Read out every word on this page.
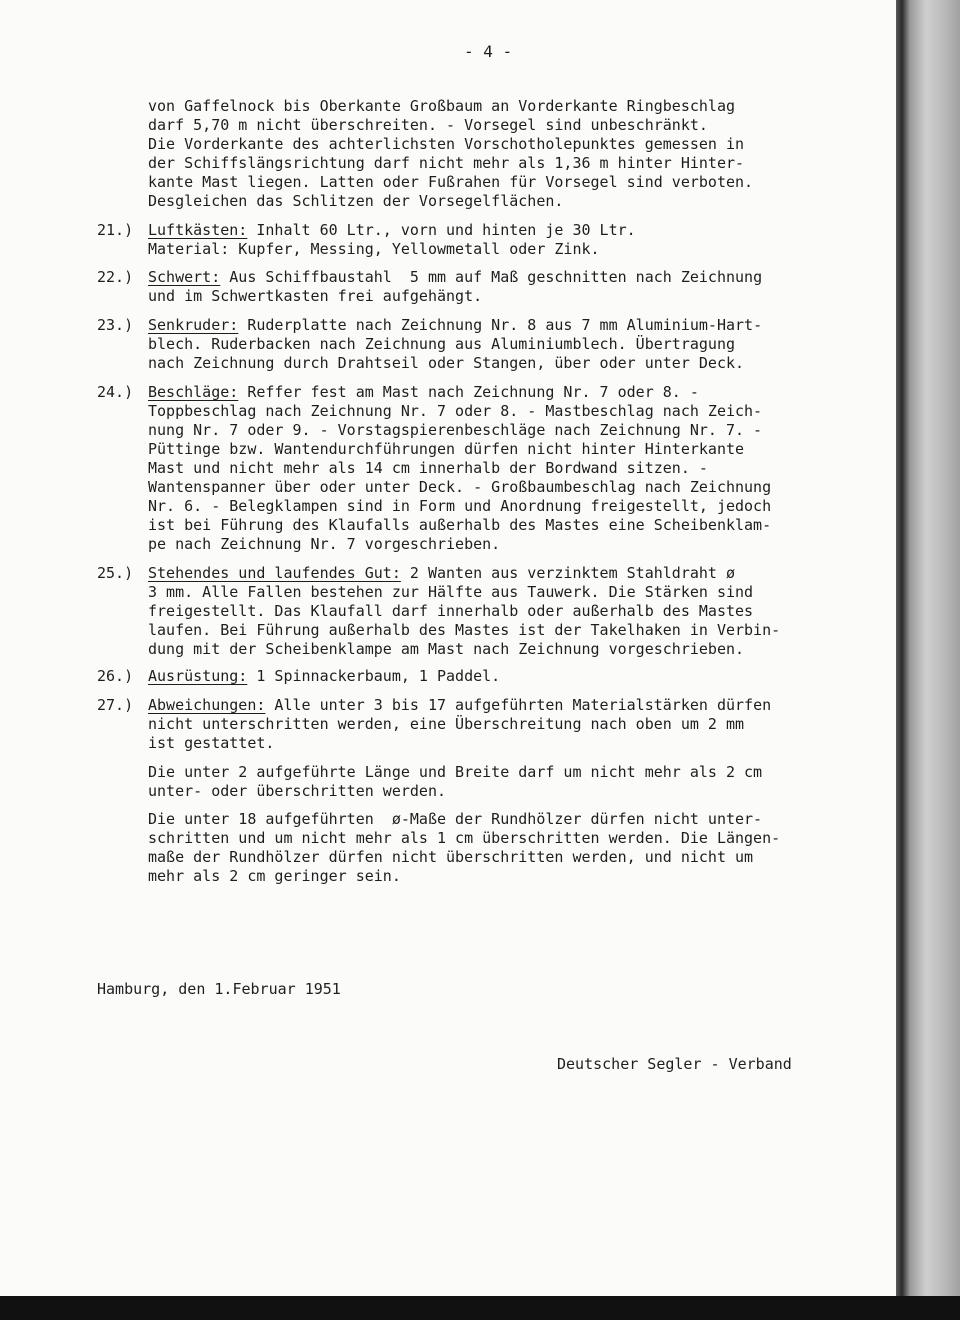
- 4 -
von Gaffelnock bis Oberkante Großbaum an Vorderkante Ringbeschlag
darf 5,70 m nicht überschreiten. - Vorsegel sind unbeschränkt.
Die Vorderkante des achterlichsten Vorschotholepunktes gemessen in
der Schiffslängsrichtung darf nicht mehr als 1,36 m hinter Hinter-
kante Mast liegen. Latten oder Fußrahen für Vorsegel sind verboten.
Desgleichen das Schlitzen der Vorsegelflächen.
21.) Luftkästen: Inhalt 60 Ltr., vorn und hinten je 30 Ltr.
Material: Kupfer, Messing, Yellowmetall oder Zink.
22.) Schwert: Aus Schiffbaustahl  5 mm auf Maß geschnitten nach Zeichnung
und im Schwertkasten frei aufgehängt.
23.) Senkruder: Ruderplatte nach Zeichnung Nr. 8 aus 7 mm Aluminium-Hart-
blech. Ruderbacken nach Zeichnung aus Aluminiumblech. Übertragung
nach Zeichnung durch Drahtseil oder Stangen, über oder unter Deck.
24.) Beschläge: Reffer fest am Mast nach Zeichnung Nr. 7 oder 8. -
Toppbeschlag nach Zeichnung Nr. 7 oder 8. - Mastbeschlag nach Zeich-
nung Nr. 7 oder 9. - Vorstagspierenbeschläge nach Zeichnung Nr. 7. -
Püttinge bzw. Wantendurchführungen dürfen nicht hinter Hinterkante
Mast und nicht mehr als 14 cm innerhalb der Bordwand sitzen. -
Wantenspanner über oder unter Deck. - Großbaumbeschlag nach Zeichnung
Nr. 6. - Belegklampen sind in Form und Anordnung freigestellt, jedoch
ist bei Führung des Klaufalls außerhalb des Mastes eine Scheibenklam-
pe nach Zeichnung Nr. 7 vorgeschrieben.
25.) Stehendes und laufendes Gut: 2 Wanten aus verzinktem Stahldraht ø
3 mm. Alle Fallen bestehen zur Hälfte aus Tauwerk. Die Stärken sind
freigestellt. Das Klaufall darf innerhalb oder außerhalb des Mastes
laufen. Bei Führung außerhalb des Mastes ist der Takelhaken in Verbin-
dung mit der Scheibenklampe am Mast nach Zeichnung vorgeschrieben.
26.) Ausrüstung: 1 Spinnackerbaum, 1 Paddel.
27.) Abweichungen: Alle unter 3 bis 17 aufgeführten Materialstärken dürfen
nicht unterschritten werden, eine Überschreitung nach oben um 2 mm
ist gestattet.
Die unter 2 aufgeführte Länge und Breite darf um nicht mehr als 2 cm
unter- oder überschritten werden.
Die unter 18 aufgeführten  ø-Maße der Rundhölzer dürfen nicht unter-
schritten und um nicht mehr als 1 cm überschritten werden. Die Längen-
maße der Rundhölzer dürfen nicht überschritten werden, und nicht um
mehr als 2 cm geringer sein.
Hamburg, den 1.Februar 1951
Deutscher Segler - Verband
